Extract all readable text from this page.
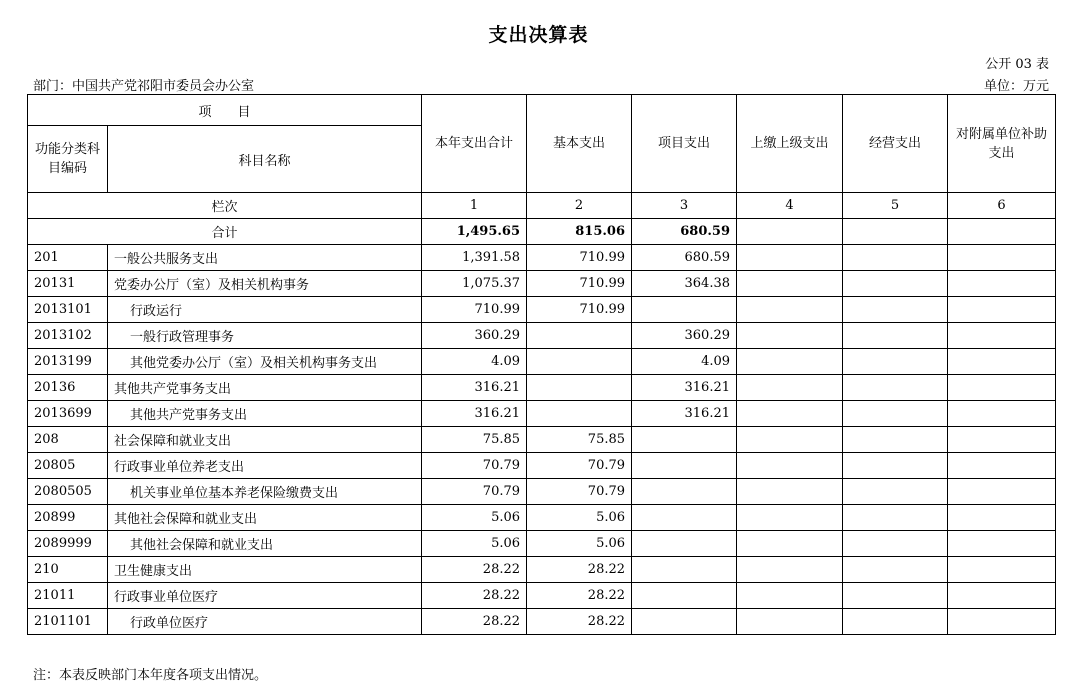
支出决算表
公开 03 表
部门：中国共产党祁阳市委员会办公室	单位：万元
项　　目		本年支出合计	基本支出	项目支出	上缴上级支出	经营支出	对附属单位补助支出
功能分类科目编码	科目名称						
栏次		1	2	3	4	5	6
合计		1,495.65	815.06	680.59			
201	一般公共服务支出	1,391.58	710.99	680.59			
20131	党委办公厅（室）及相关机构事务	1,075.37	710.99	364.38			
2013101	行政运行	710.99	710.99				
2013102	一般行政管理事务	360.29		360.29			
2013199	其他党委办公厅（室）及相关机构事务支出	4.09		4.09			
20136	其他共产党事务支出	316.21		316.21			
2013699	其他共产党事务支出	316.21		316.21			
208	社会保障和就业支出	75.85	75.85				
20805	行政事业单位养老支出	70.79	70.79				
2080505	机关事业单位基本养老保险缴费支出	70.79	70.79				
20899	其他社会保障和就业支出	5.06	5.06				
2089999	其他社会保障和就业支出	5.06	5.06				
210	卫生健康支出	28.22	28.22				
21011	行政事业单位医疗	28.22	28.22				
2101101	行政单位医疗	28.22	28.22				
注：本表反映部门本年度各项支出情况。
